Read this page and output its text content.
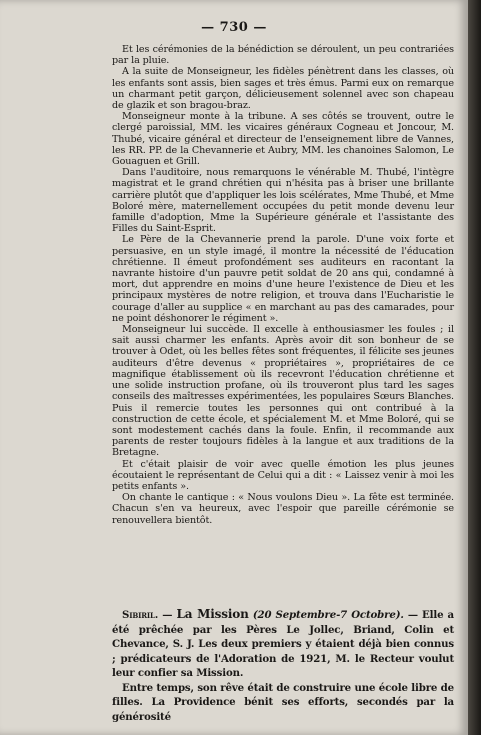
— 730 —

Et les cérémonies de la bénédiction se déroulent, un peu contrariées par la pluie.

A la suite de Monseigneur, les fidèles pénètrent dans les classes, où les enfants sont assis, bien sages et très émus. Parmi eux on remarque un charmant petit garçon, délicieusement solennel avec son chapeau de glazik et son bragou-braz.

Monseigneur monte à la tribune. A ses côtés se trouvent, outre le clergé paroissial, MM. les vicaires généraux Cogneau et Joncour, M. Thubé, vicaire général et directeur de l'enseignement libre de Vannes, les RR. PP. de la Chevannerie et Aubry, MM. les chanoines Salomon, Le Gouaguen et Grill.

Dans l'auditoire, nous remarquons le vénérable M. Thubé, l'intègre magistrat et le grand chrétien qui n'hésita pas à briser une brillante carrière plutôt que d'appliquer les lois scélérates, Mme Thubé, et Mme Boloré mère, maternellement occupées du petit monde devenu leur famille d'adoption, Mme la Supérieure générale et l'assistante des Filles du Saint-Esprit.

Le Père de la Chevannerie prend la parole. D'une voix forte et persuasive, en un style imagé, il montre la nécessité de l'éducation chrétienne. Il émeut profondément ses auditeurs en racontant la navrante histoire d'un pauvre petit soldat de 20 ans qui, condamné à mort, dut apprendre en moins d'une heure l'existence de Dieu et les principaux mystères de notre religion, et trouva dans l'Eucharistie le courage d'aller au supplice « en marchant au pas des camarades, pour ne point déshonorer le régiment ».

Monseigneur lui succède. Il excelle à enthousiasmer les foules ; il sait aussi charmer les enfants. Après avoir dit son bonheur de se trouver à Odet, où les belles fêtes sont fréquentes, il félicite ses jeunes auditeurs d'être devenus « propriétaires », propriétaires de ce magnifique établissement où ils recevront l'éducation chrétienne et une solide instruction profane, où ils trouveront plus tard les sages conseils des maîtresses expérimentées, les populaires Sœurs Blanches. Puis il remercie toutes les personnes qui ont contribué à la construction de cette école, et spécialement M. et Mme Boloré, qui se sont modestement cachés dans la foule. Enfin, il recommande aux parents de rester toujours fidèles à la langue et aux traditions de la Bretagne.

Et c'était plaisir de voir avec quelle émotion les plus jeunes écoutaient le représentant de Celui qui a dit : « Laissez venir à moi les petits enfants ».

On chante le cantique : « Nous voulons Dieu ». La fête est terminée. Chacun s'en va heureux, avec l'espoir que pareille cérémonie se renouvellera bientôt.

Sibiril. — La Mission (20 Septembre-7 Octobre). — Elle a été prêchée par les Pères Le Jollec, Briand, Colin et Chevance, S. J. Les deux premiers y étaient déjà bien connus ; prédicateurs de l'Adoration de 1921, M. le Recteur voulut leur confier sa Mission.

Entre temps, son rêve était de construire une école libre de filles. La Providence bénit ses efforts, secondés par la générosité
